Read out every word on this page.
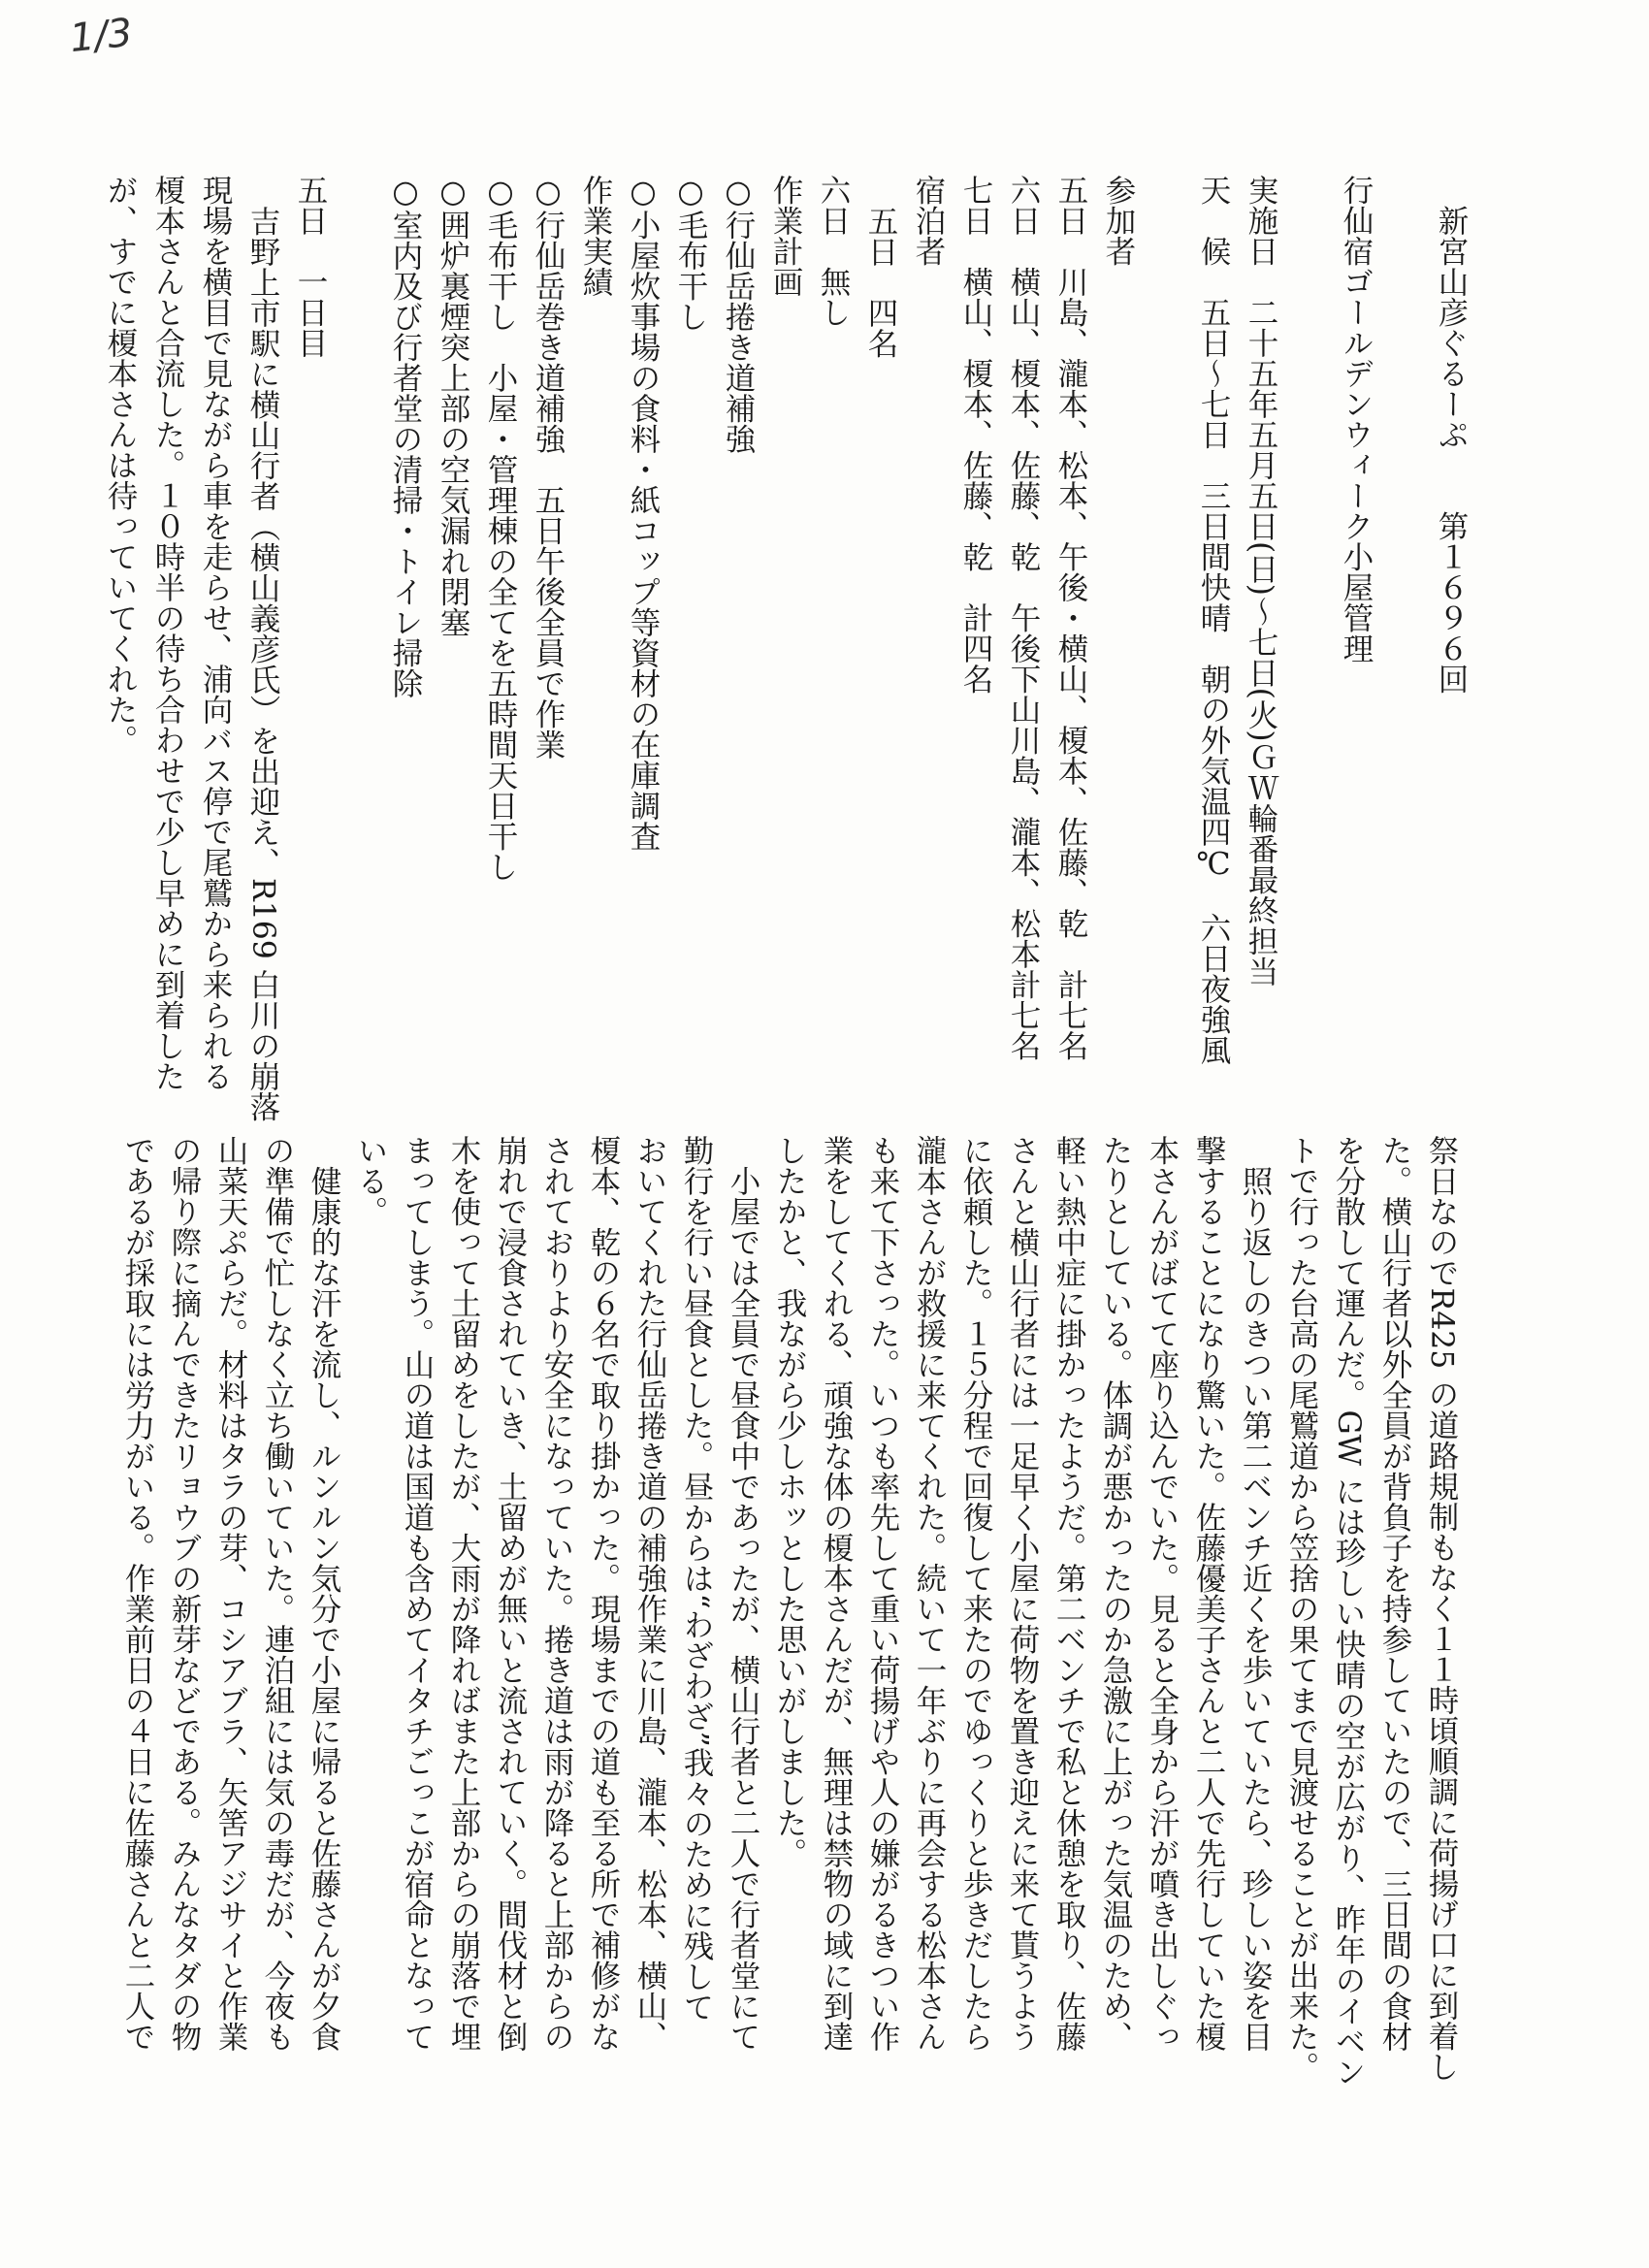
1/3

　新宮山彦ぐるーぷ　　第１６９６回

行仙宿ゴールデンウィーク小屋管理

実施日　二十五年五月五日(日)～七日(火)ＧＷ輪番最終担当

天　候　五日～七日　三日間快晴　朝の外気温四℃　六日夜強風

参加者

五日　川島、瀧本、松本、午後・横山、榎本、佐藤、乾　計七名

六日　横山、榎本、佐藤、乾　午後下山川島、瀧本、松本計七名

七日　横山、榎本、佐藤、乾　計四名

宿泊者

五日　四名

六日　無し

作業計画

○行仙岳捲き道補強

○毛布干し

○小屋炊事場の食料・紙コップ等資材の在庫調査

作業実績

○行仙岳巻き道補強　五日午後全員で作業

○毛布干し　小屋・管理棟の全てを五時間天日干し

○囲炉裏煙突上部の空気漏れ閉塞

○室内及び行者堂の清掃・トイレ掃除

五日　一日目

吉野上市駅に横山行者（横山義彦氏）を出迎え、R169 白川の崩落

現場を横目で見ながら車を走らせ、浦向バス停で尾鷲から来られる

榎本さんと合流した。１０時半の待ち合わせで少し早めに到着した

が、すでに榎本さんは待っていてくれた。

祭日なのでR425 の道路規制もなく１１時頃順調に荷揚げ口に到着し

た。横山行者以外全員が背負子を持参していたので、三日間の食材

を分散して運んだ。GW には珍しい快晴の空が広がり、昨年のイベン

トで行った台高の尾鷲道から笠捨の果てまで見渡せることが出来た。

　照り返しのきつい第二ベンチ近くを歩いていたら、珍しい姿を目

撃することになり驚いた。佐藤優美子さんと二人で先行していた榎

本さんがばてて座り込んでいた。見ると全身から汗が噴き出しぐっ

たりとしている。体調が悪かったのか急激に上がった気温のため、

軽い熱中症に掛かったようだ。第二ベンチで私と休憩を取り、佐藤

さんと横山行者には一足早く小屋に荷物を置き迎えに来て貰うよう

に依頼した。１５分程で回復して来たのでゆっくりと歩きだしたら

瀧本さんが救援に来てくれた。続いて一年ぶりに再会する松本さん

も来て下さった。いつも率先して重い荷揚げや人の嫌がるきつい作

業をしてくれる、頑強な体の榎本さんだが、無理は禁物の域に到達

したかと、我ながら少しホッとした思いがしました。

　小屋では全員で昼食中であったが、横山行者と二人で行者堂にて

勤行を行い昼食とした。昼からは“わざわざ”我々のために残して

おいてくれた行仙岳捲き道の補強作業に川島、瀧本、松本、横山、

榎本、乾の６名で取り掛かった。現場までの道も至る所で補修がな

されておりより安全になっていた。捲き道は雨が降ると上部からの

崩れで浸食されていき、土留めが無いと流されていく。間伐材と倒

木を使って土留めをしたが、大雨が降ればまた上部からの崩落で埋

まってしまう。山の道は国道も含めてイタチごっこが宿命となって

いる。

　健康的な汗を流し、ルンルン気分で小屋に帰ると佐藤さんが夕食

の準備で忙しなく立ち働いていた。連泊組には気の毒だが、今夜も

山菜天ぷらだ。材料はタラの芽、コシアブラ、矢筈アジサイと作業

の帰り際に摘んできたリョウブの新芽などである。みんなタダの物

であるが採取には労力がいる。作業前日の４日に佐藤さんと二人で
